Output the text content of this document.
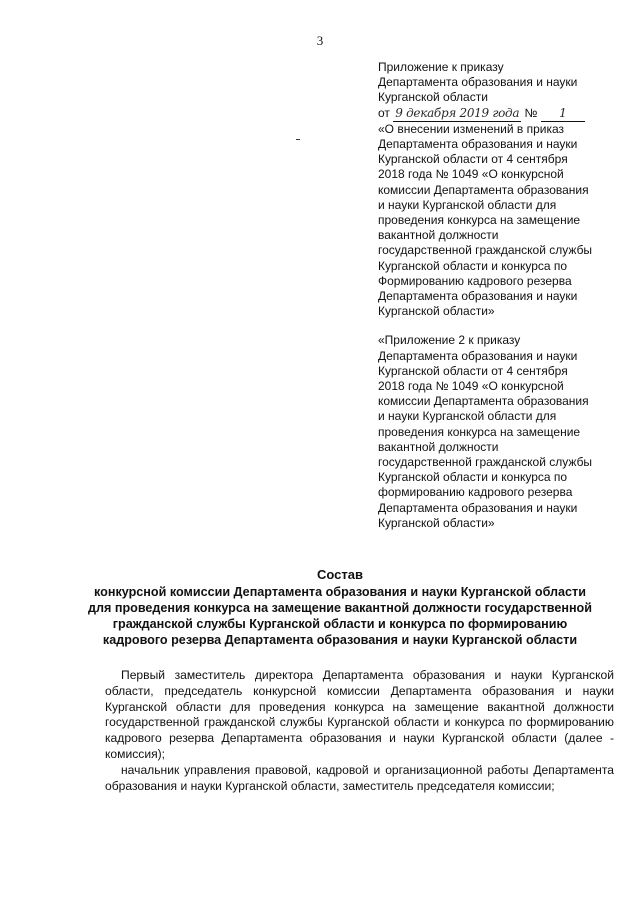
3

Приложение к приказу

Департамента образования и науки

Курганской области

от 9 декабря 2019 года № 1

«О внесении изменений в приказ

Департамента образования и науки

Курганской области от 4 сентября

2018 года № 1049 «О конкурсной

комиссии Департамента образования

и науки Курганской области для

проведения конкурса на замещение

вакантной должности

государственной гражданской службы

Курганской области и конкурса по

Формированию кадрового резерва

Департамента образования и науки

Курганской области»

«Приложение 2 к приказу

Департамента образования и науки

Курганской области от 4 сентября

2018 года № 1049 «О конкурсной

комиссии Департамента образования

и науки Курганской области для

проведения конкурса на замещение

вакантной должности

государственной гражданской службы

Курганской области и конкурса по

формированию кадрового резерва

Департамента образования и науки

Курганской области»

Состав
конкурсной комиссии Департамента образования и науки Курганской области
для проведения конкурса на замещение вакантной должности государственной
гражданской службы Курганской области и конкурса по формированию
кадрового резерва Департамента образования и науки Курганской области

Первый заместитель директора Департамента образования и науки Курганской области, председатель конкурсной комиссии Департамента образования и науки Курганской области для проведения конкурса на замещение вакантной должности государственной гражданской службы Курганской области и конкурса по формированию кадрового резерва Департамента образования и науки Курганской области (далее - комиссия);

начальник управления правовой, кадровой и организационной работы Департамента образования и науки Курганской области, заместитель председателя комиссии;
